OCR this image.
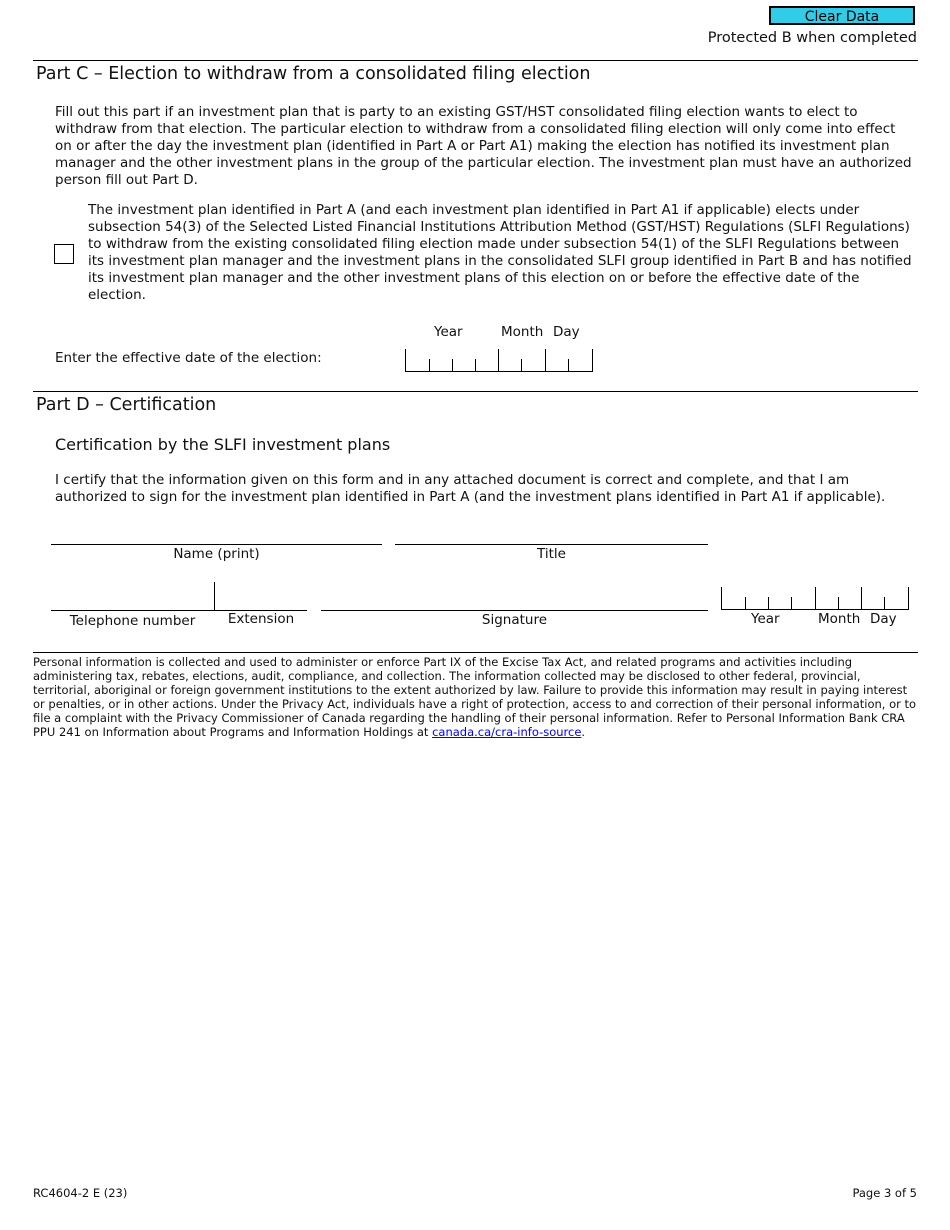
Clear Data
Protected B when completed
Part C – Election to withdraw from a consolidated filing election
Fill out this part if an investment plan that is party to an existing GST/HST consolidated filing election wants to elect to withdraw from that election. The particular election to withdraw from a consolidated filing election will only come into effect on or after the day the investment plan (identified in Part A or Part A1) making the election has notified its investment plan manager and the other investment plans in the group of the particular election. The investment plan must have an authorized person fill out Part D.
The investment plan identified in Part A (and each investment plan identified in Part A1 if applicable) elects under subsection 54(3) of the Selected Listed Financial Institutions Attribution Method (GST/HST) Regulations (SLFI Regulations) to withdraw from the existing consolidated filing election made under subsection 54(1) of the SLFI Regulations between its investment plan manager and the investment plans in the consolidated SLFI group identified in Part B and has notified its investment plan manager and the other investment plans of this election on or before the effective date of the election.
Year	Month Day
Enter the effective date of the election:
Part D – Certification
Certification by the SLFI investment plans
I certify that the information given on this form and in any attached document is correct and complete, and that I am authorized to sign for the investment plan identified in Part A (and the investment plans identified in Part A1 if applicable).
Name (print)	Title
Telephone number	Extension	Signature	Year	Month Day
Personal information is collected and used to administer or enforce Part IX of the Excise Tax Act, and related programs and activities including administering tax, rebates, elections, audit, compliance, and collection. The information collected may be disclosed to other federal, provincial, territorial, aboriginal or foreign government institutions to the extent authorized by law. Failure to provide this information may result in paying interest or penalties, or in other actions. Under the Privacy Act, individuals have a right of protection, access to and correction of their personal information, or to file a complaint with the Privacy Commissioner of Canada regarding the handling of their personal information. Refer to Personal Information Bank CRA PPU 241 on Information about Programs and Information Holdings at canada.ca/cra-info-source.
RC4604-2 E (23)	Page 3 of 5
